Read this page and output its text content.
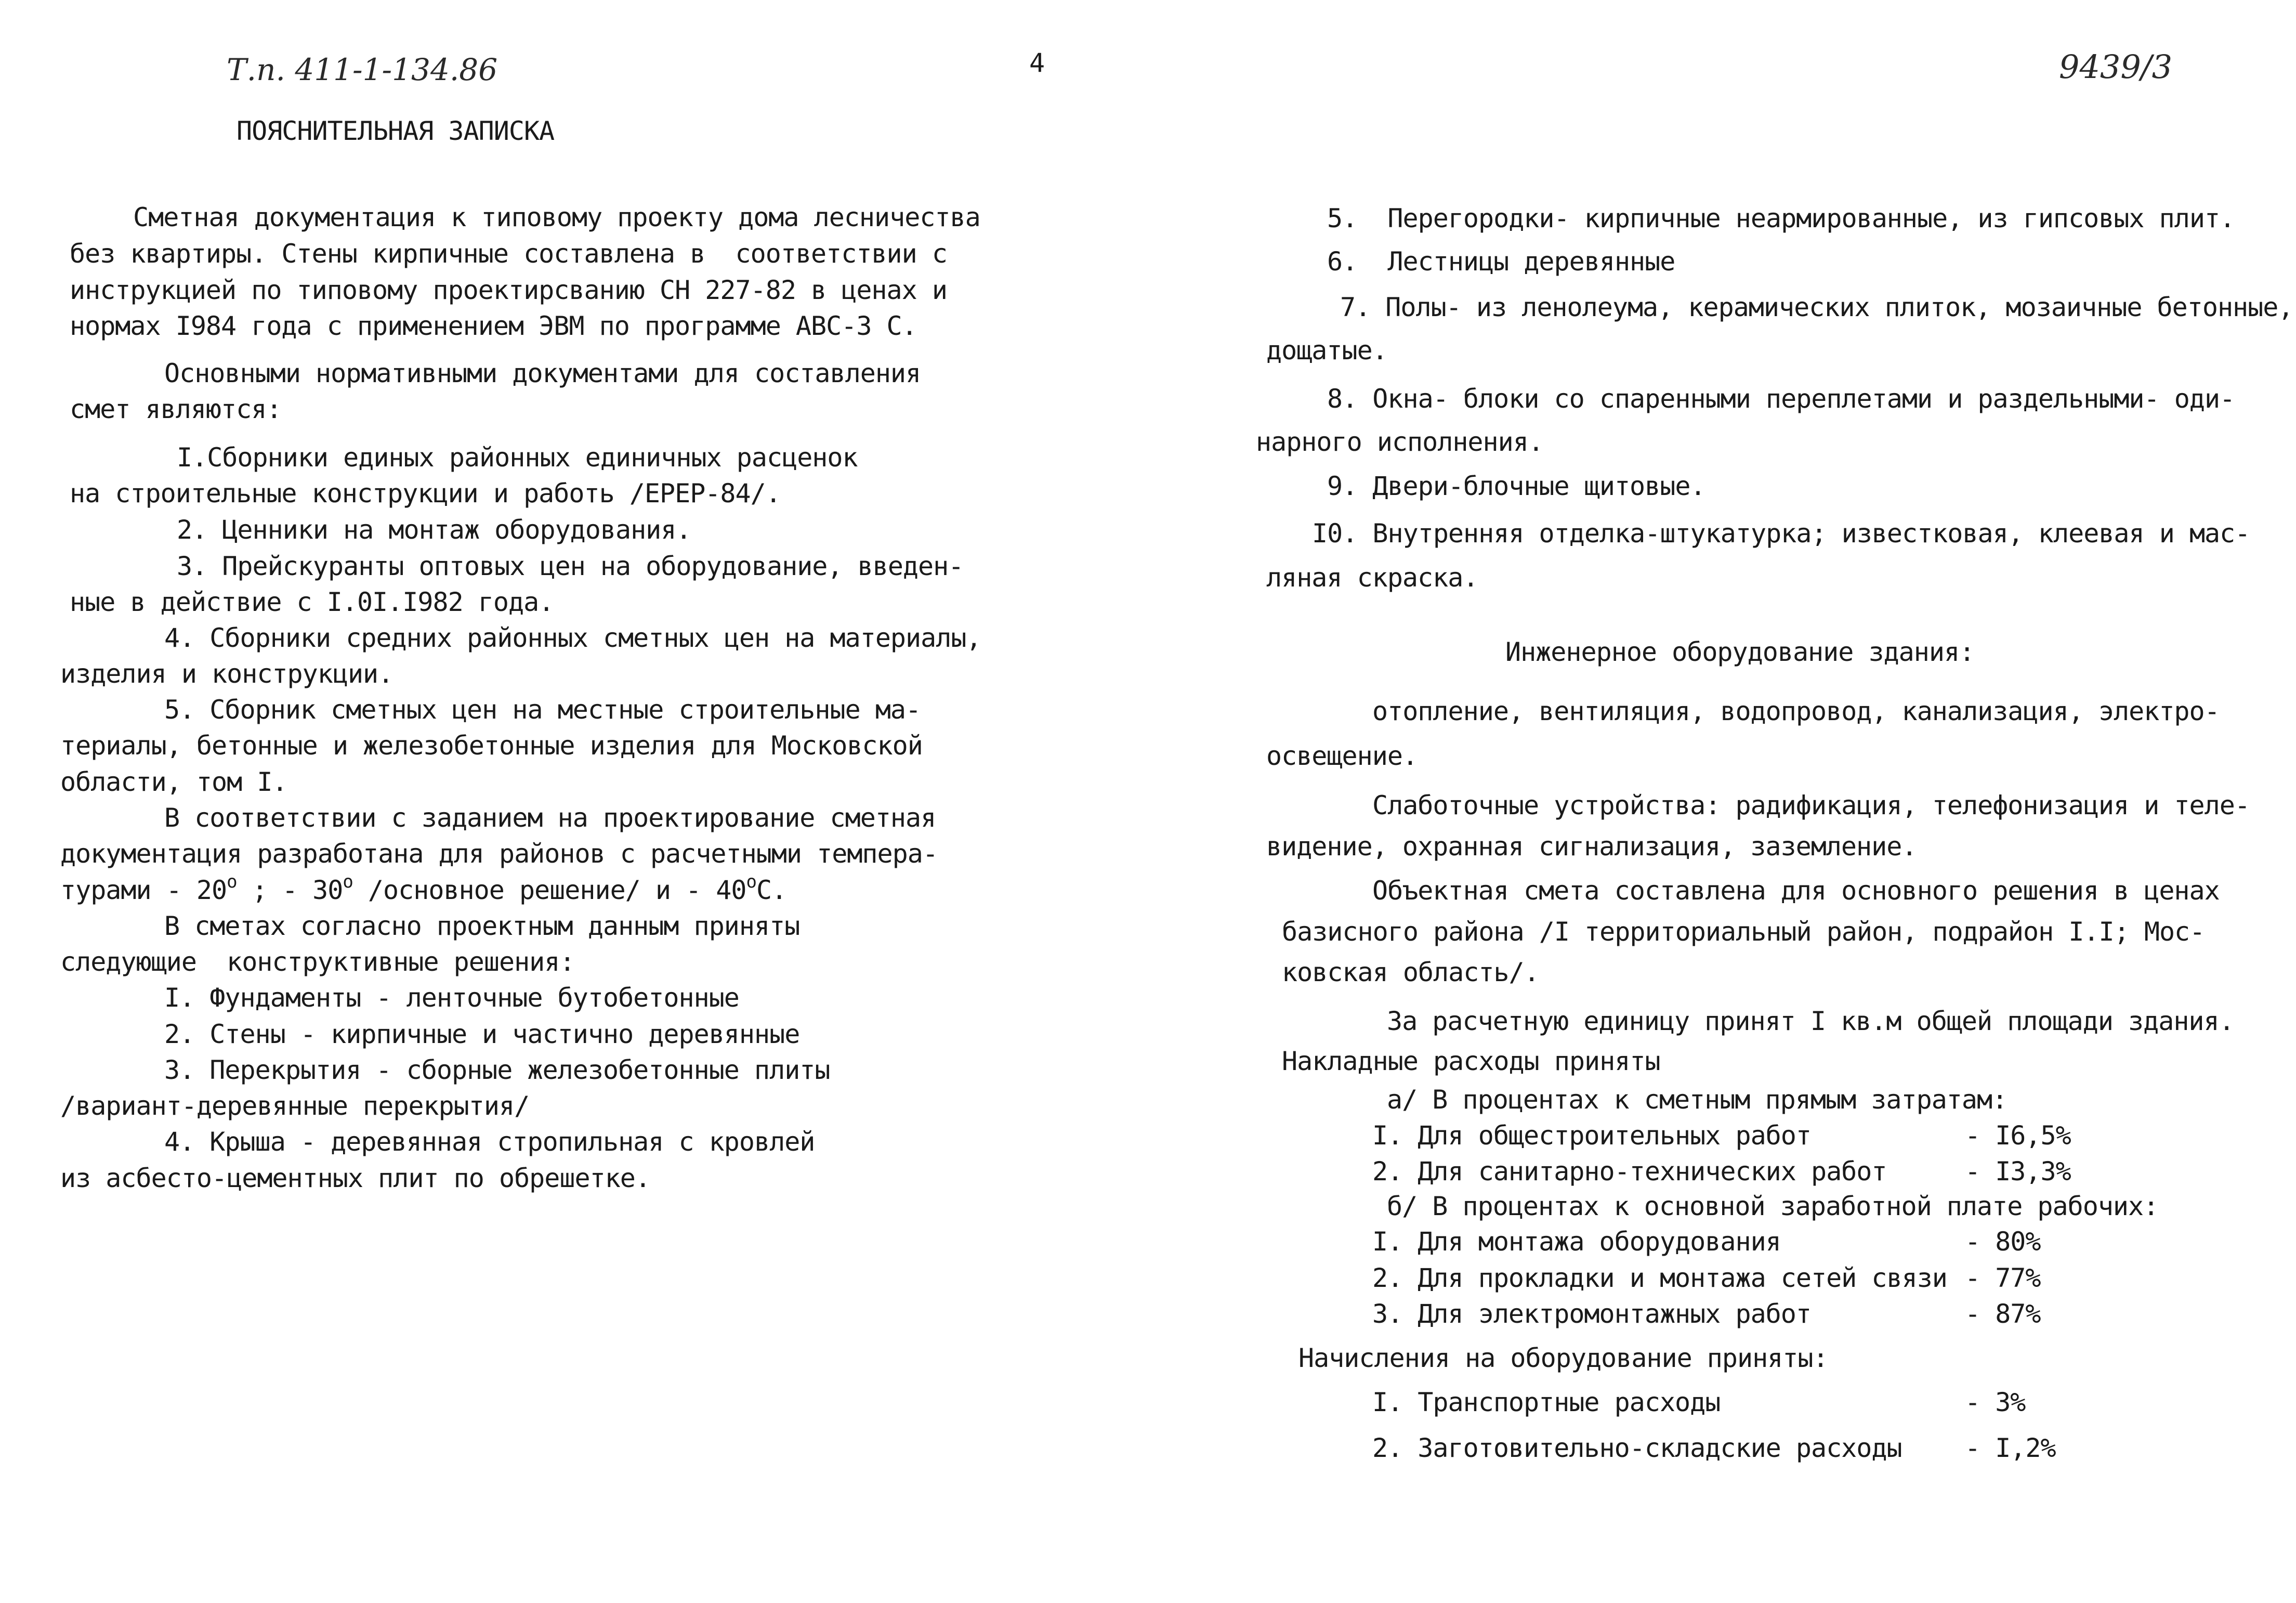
Т.п. 411-1-134.86
ПОЯСНИТЕЛЬНАЯ ЗАПИСКА
Сметная документация к типовому проекту дома лесничества
без квартиры. Стены кирпичные составлена в  соответствии с
инструкцией по типовому проектирсванию СН 227-82 в ценах и
нормах I984 года с применением ЭВМ по программе АВС-3 С.
Основными нормативными документами для составления
смет являются:
I.Сборники единых районных единичных расценок
на строительные конструкции и работь /ЕРЕР-84/.
2. Ценники на монтаж оборудования.
3. Прейскуранты оптовых цен на оборудование, введен-
ные в действие с I.0I.I982 года.
4. Сборники средних районных сметных цен на материалы,
изделия и конструкции.
5. Сборник сметных цен на местные строительные ма-
териалы, бетонные и железобетонные изделия для Московской
области, том I.
В соответствии с заданием на проектирование сметная
документация разработана для районов с расчетными темпера-
турами - 20$^o$ ; - 30$^o$ /основное решение/ и - 40$^o$C.
В сметах согласно проектным данным приняты
следующие  конструктивные решения:
I. Фундаменты - ленточные бутобетонные
2. Стены - кирпичные и частично деревянные
3. Перекрытия - сборные железобетонные плиты
/вариант-деревянные перекрытия/
4. Крыша - деревянная стропильная с кровлей
из асбесто-цементных плит по обрешетке.
4	9439/3
5.  Перегородки- кирпичные неармированные, из гипсовых плит.
6.  Лестницы деревянные
7. Полы- из ленолеума, керамических плиток, мозаичные бетонные,
дощатые.
8. Окна- блоки со спаренными переплетами и раздельными- оди-
нарного исполнения.
9. Двери-блочные щитовые.
I0. Внутренняя отделка-штукатурка; известковая, клеевая и мас-
ляная скраска.
Инженерное оборудование здания:
отопление, вентиляция, водопровод, канализация, электро-
освещение.
Слаботочные устройства: радификация, телефонизация и теле-
видение, охранная сигнализация, заземление.
Объектная смета составлена для основного решения в ценах
базисного района /I территориальный район, подрайон I.I; Мос-
ковская область/.
За расчетную единицу принят I кв.м общей площади здания.
Накладные расходы приняты
а/ В процентах к сметным прямым затратам:
I. Для общестроительных работ	- I6,5%
2. Для санитарно-технических работ	- I3,3%
б/ В процентах к основной заработной плате рабочих:
I. Для монтажа оборудования	- 80%
2. Для прокладки и монтажа сетей связи - 77%
3. Для электромонтажных работ	- 87%
Начисления на оборудование приняты:
I. Транспортные расходы	- 3%
2. Заготовительно-складские расходы - I,2%
